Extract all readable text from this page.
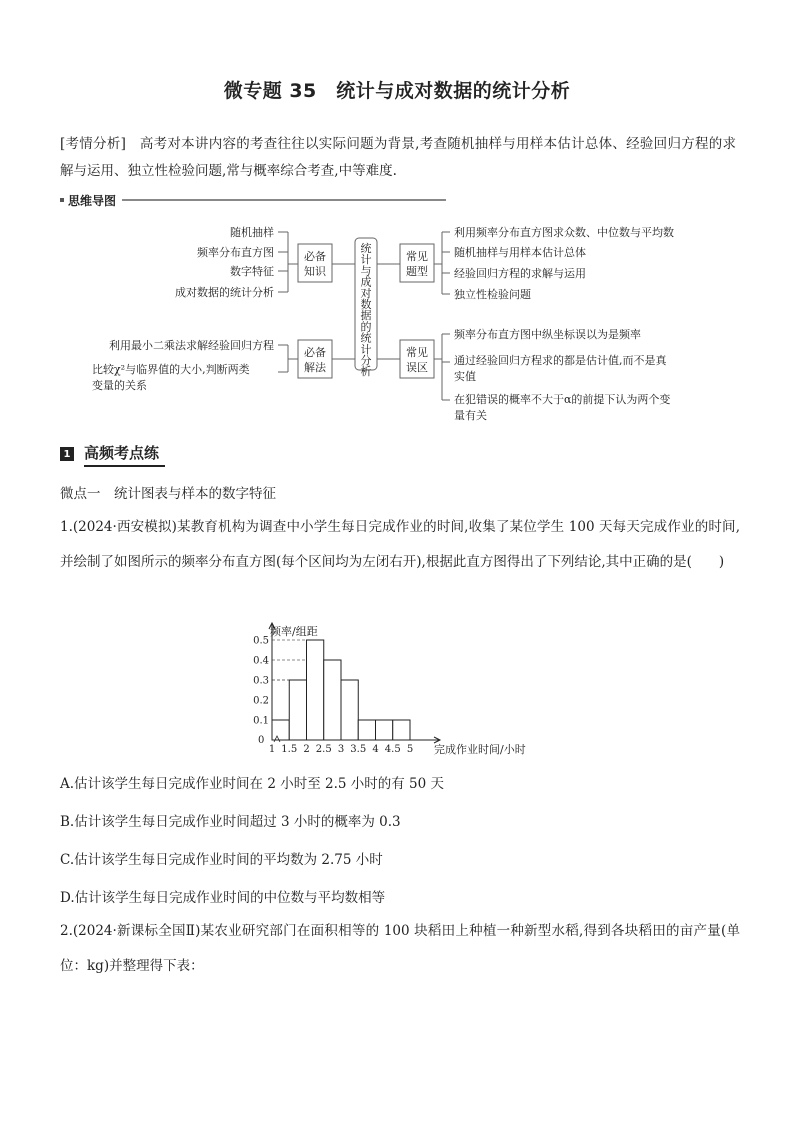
微专题 35　统计与成对数据的统计分析
[考情分析]　高考对本讲内容的考查往往以实际问题为背景,考查随机抽样与用样本估计总体、经验回归方程的求解与运用、独立性检验问题,常与概率综合考查,中等难度.
思维导图
随机抽样
频率分布直方图
数字特征
成对数据的统计分析
必备
知识
利用最小二乘法求解经验回归方程
比较χ²与临界值的大小,判断两类
变量的关系
必备
解法
统计与成对数据的统计分析
常见
题型
利用频率分布直方图求众数、中位数与平均数
随机抽样与用样本估计总体
经验回归方程的求解与运用
独立性检验问题
常见
误区
频率分布直方图中纵坐标误以为是频率
通过经验回归方程求的都是估计值,而不是真
实值
在犯错误的概率不大于α的前提下认为两个变
量有关
1 高频考点练
微点一　统计图表与样本的数字特征
1.(2024·西安模拟)某教育机构为调查中小学生每日完成作业的时间,收集了某位学生 100 天每天完成作业的时间,并绘制了如图所示的频率分布直方图(每个区间均为左闭右开),根据此直方图得出了下列结论,其中正确的是(　　)
频率/组距
完成作业时间/小时
0
0.5
0.4
0.3
0.2
0.1
1 1.5 2 2.5 3 3.5 4 4.5 5
A.估计该学生每日完成作业时间在 2 小时至 2.5 小时的有 50 天
B.估计该学生每日完成作业时间超过 3 小时的概率为 0.3
C.估计该学生每日完成作业时间的平均数为 2.75 小时
D.估计该学生每日完成作业时间的中位数与平均数相等
2.(2024·新课标全国Ⅱ)某农业研究部门在面积相等的 100 块稻田上种植一种新型水稻,得到各块稻田的亩产量(单位：kg)并整理得下表：
